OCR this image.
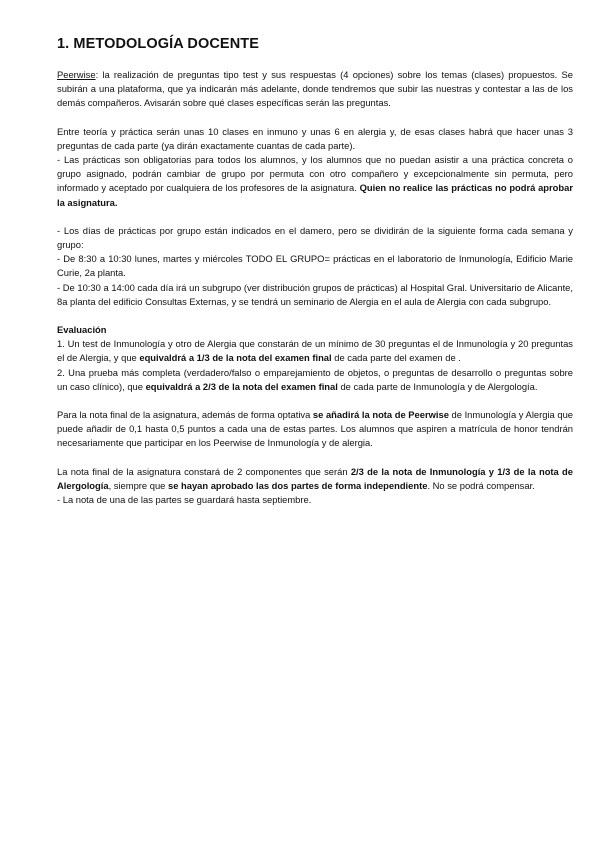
1. METODOLOGÍA DOCENTE

Peerwise: la realización de preguntas tipo test y sus respuestas (4 opciones) sobre los temas (clases) propuestos. Se subirán a una plataforma, que ya indicarán más adelante, donde tendremos que subir las nuestras y contestar a las de los demás compañeros. Avisarán sobre qué clases específicas serán las preguntas.

Entre teoría y práctica serán unas 10 clases en inmuno y unas 6 en alergia y, de esas clases habrá que hacer unas 3 preguntas de cada parte (ya dirán exactamente cuantas de cada parte).

- Las prácticas son obligatorias para todos los alumnos, y los alumnos que no puedan asistir a una práctica concreta o grupo asignado, podrán cambiar de grupo por permuta con otro compañero y excepcionalmente sin permuta, pero informado y aceptado por cualquiera de los profesores de la asignatura. Quien no realice las prácticas no podrá aprobar la asignatura.

- Los días de prácticas por grupo están indicados en el damero, pero se dividirán de la siguiente forma cada semana y grupo:

- De 8:30 a 10:30 lunes, martes y miércoles TODO EL GRUPO= prácticas en el laboratorio de Inmunología, Edificio Marie Curie, 2a planta.

- De 10:30 a 14:00 cada día irá un subgrupo (ver distribución grupos de prácticas) al Hospital Gral. Universitario de Alicante, 8a planta del edificio Consultas Externas, y se tendrá un seminario de Alergia en el aula de Alergia con cada subgrupo.

Evaluación

1. Un test de Inmunología y otro de Alergia que constarán de un mínimo de 30 preguntas el de Inmunología y 20 preguntas el de Alergia, y que equivaldrá a 1/3 de la nota del examen final de cada parte del examen de .

2. Una prueba más completa (verdadero/falso o emparejamiento de objetos, o preguntas de desarrollo o preguntas sobre un caso clínico), que equivaldrá a 2/3 de la nota del examen final de cada parte de Inmunología y de Alergología.

Para la nota final de la asignatura, además de forma optativa se añadirá la nota de Peerwise de Inmunología y Alergia que puede añadir de 0,1 hasta 0,5 puntos a cada una de estas partes. Los alumnos que aspiren a matrícula de honor tendrán necesariamente que participar en los Peerwise de Inmunología y de alergia.

La nota final de la asignatura constará de 2 componentes que serán 2/3 de la nota de Inmunología y 1/3 de la nota de Alergología, siempre que se hayan aprobado las dos partes de forma independiente. No se podrá compensar.

- La nota de una de las partes se guardará hasta septiembre.
